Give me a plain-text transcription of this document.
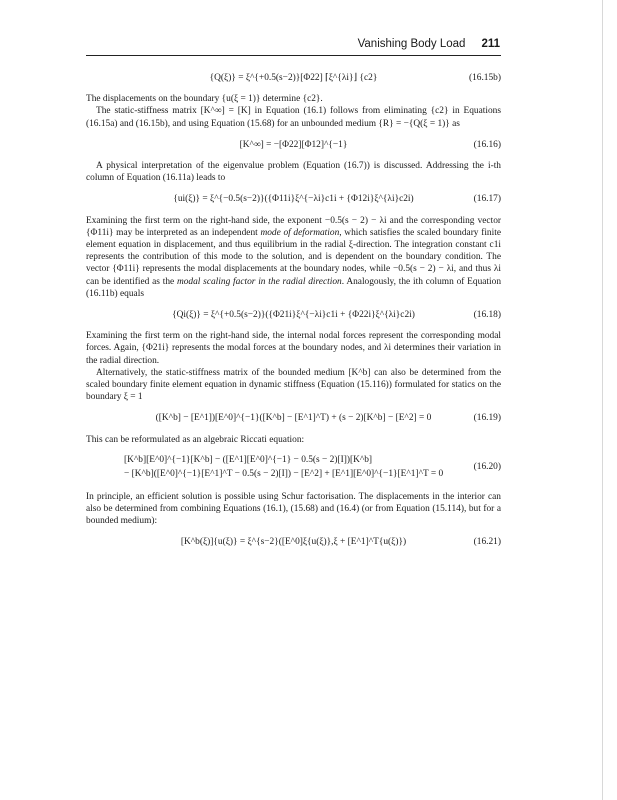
Vanishing Body Load 211
{Q(ξ)} = ξ^{+0.5(s−2)}[Φ22] ⌈ξ^{λi}⌋ {c2}	(16.15b)

The displacements on the boundary {u(ξ = 1)} determine {c2}.

The static-stiffness matrix [K^∞] = [K] in Equation (16.1) follows from eliminating {c2} in Equations (16.15a) and (16.15b), and using Equation (15.68) for an unbounded medium {R} = −{Q(ξ = 1)} as

[K^∞] = −[Φ22][Φ12]^{−1}	(16.16)

A physical interpretation of the eigenvalue problem (Equation (16.7)) is discussed. Addressing the i-th column of Equation (16.11a) leads to

{ui(ξ)} = ξ^{−0.5(s−2)}({Φ11i}ξ^{−λi}c1i + {Φ12i}ξ^{λi}c2i)	(16.17)

Examining the first term on the right-hand side, the exponent −0.5(s − 2) − λi and the corresponding vector {Φ11i} may be interpreted as an independent mode of deformation, which satisfies the scaled boundary finite element equation in displacement, and thus equilibrium in the radial ξ-direction. The integration constant c1i represents the contribution of this mode to the solution, and is dependent on the boundary condition. The vector {Φ11i} represents the modal displacements at the boundary nodes, while −0.5(s − 2) − λi, and thus λi can be identified as the modal scaling factor in the radial direction. Analogously, the ith column of Equation (16.11b) equals

{Qi(ξ)} = ξ^{+0.5(s−2)}({Φ21i}ξ^{−λi}c1i + {Φ22i}ξ^{λi}c2i)	(16.18)

Examining the first term on the right-hand side, the internal nodal forces represent the corresponding modal forces. Again, {Φ21i} represents the modal forces at the boundary nodes, and λi determines their variation in the radial direction.

Alternatively, the static-stiffness matrix of the bounded medium [K^b] can also be determined from the scaled boundary finite element equation in dynamic stiffness (Equation (15.116)) formulated for statics on the boundary ξ = 1

([K^b] − [E^1])[E^0]^{−1}([K^b] − [E^1]^T) + (s − 2)[K^b] − [E^2] = 0	(16.19)

This can be reformulated as an algebraic Riccati equation:

[K^b][E^0]^{−1}[K^b] − ([E^1][E^0]^{−1} − 0.5(s − 2)[I])[K^b]
− [K^b]([E^0]^{−1}[E^1]^T − 0.5(s − 2)[I]) − [E^2] + [E^1][E^0]^{−1}[E^1]^T = 0
(16.20)

In principle, an efficient solution is possible using Schur factorisation. The displacements in the interior can also be determined from combining Equations (16.1), (15.68) and (16.4) (or from Equation (15.114), but for a bounded medium):

[K^b(ξ)]{u(ξ)} = ξ^{s−2}([E^0]ξ{u(ξ)},ξ + [E^1]^T{u(ξ)})	(16.21)
